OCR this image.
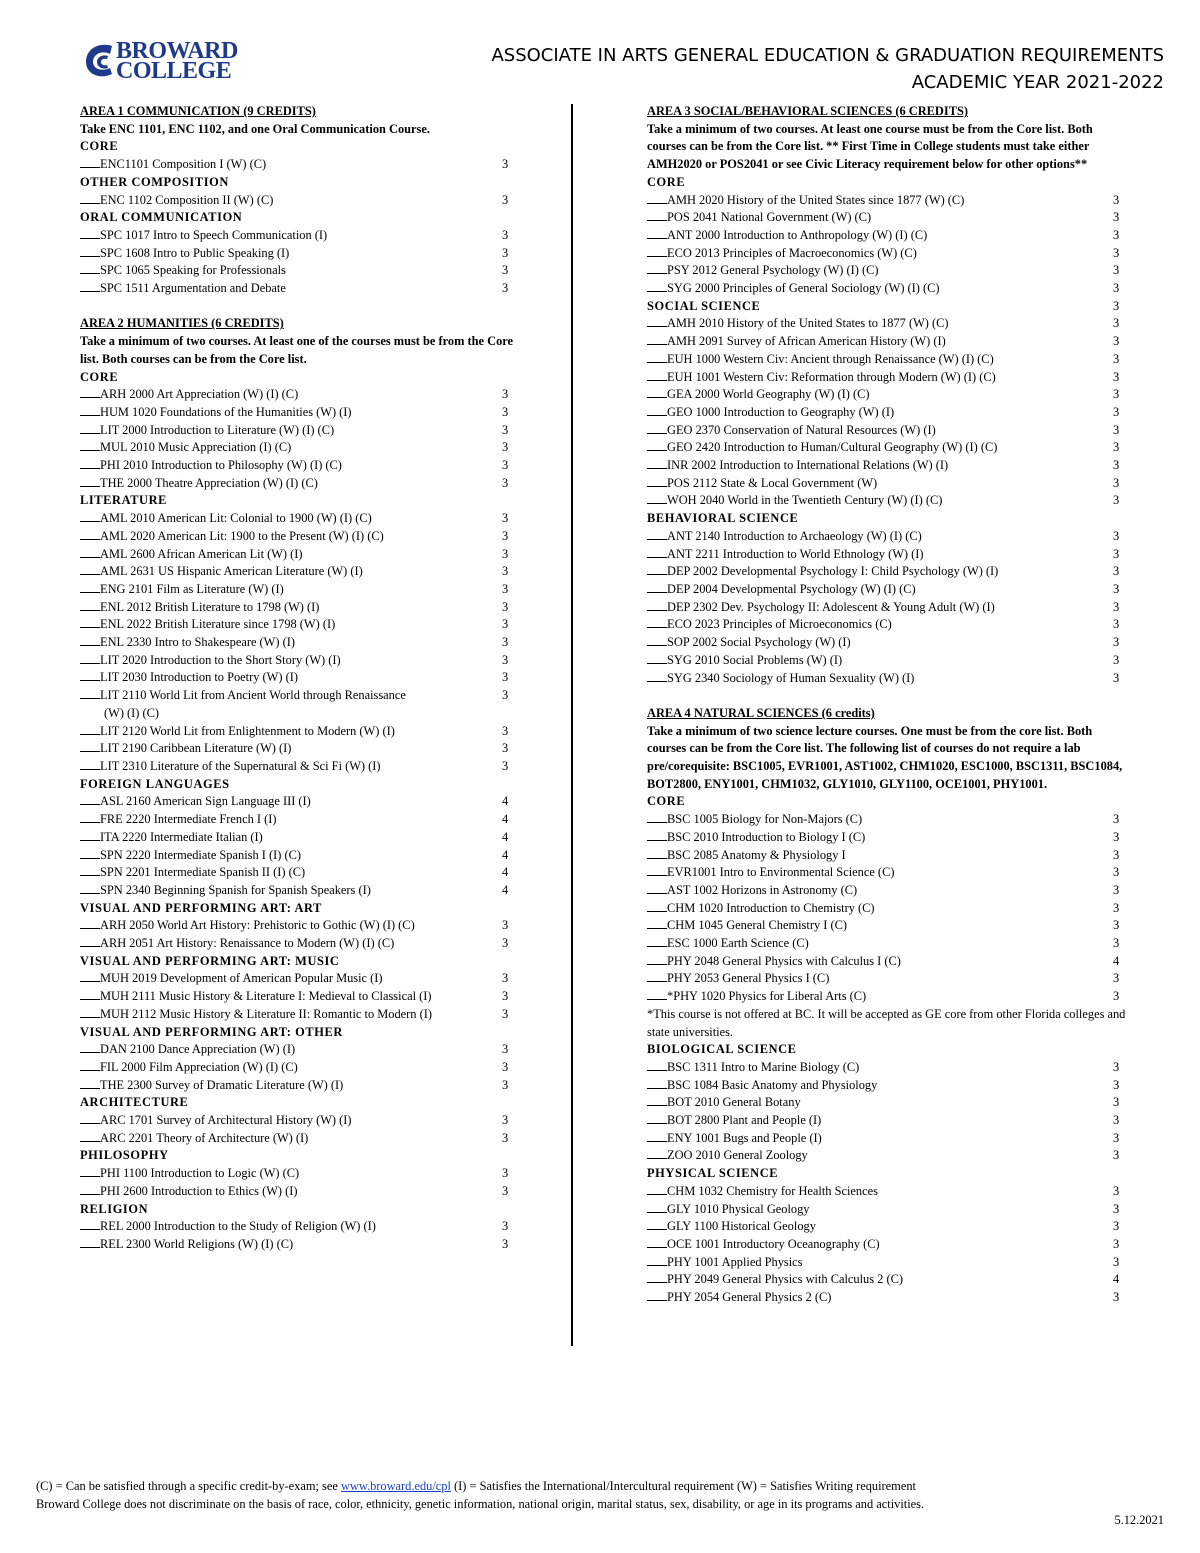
BROWARD
COLLEGE
ASSOCIATE IN ARTS GENERAL EDUCATION & GRADUATION REQUIREMENTS
ACADEMIC YEAR 2021-2022
AREA 1 COMMUNICATION (9 CREDITS)
Take ENC 1101, ENC 1102, and one Oral Communication Course.
CORE
ENC1101 Composition I (W) (C)	3
OTHER COMPOSITION
ENC 1102 Composition II (W) (C)	3
ORAL COMMUNICATION
SPC 1017 Intro to Speech Communication (I)	3
SPC 1608 Intro to Public Speaking (I)	3
SPC 1065 Speaking for Professionals	3
SPC 1511 Argumentation and Debate	3
AREA 2 HUMANITIES (6 CREDITS)
Take a minimum of two courses. At least one of the courses must be from the Core list. Both courses can be from the Core list.
CORE
ARH 2000 Art Appreciation (W) (I) (C)	3
HUM 1020 Foundations of the Humanities (W) (I)	3
LIT 2000 Introduction to Literature (W) (I) (C)	3
MUL 2010 Music Appreciation (I) (C)	3
PHI 2010 Introduction to Philosophy (W) (I) (C)	3
THE 2000 Theatre Appreciation (W) (I) (C)	3
LITERATURE
AML 2010 American Lit: Colonial to 1900 (W) (I) (C)	3
AML 2020 American Lit: 1900 to the Present (W) (I) (C)	3
AML 2600 African American Lit (W) (I)	3
AML 2631 US Hispanic American Literature (W) (I)	3
ENG 2101 Film as Literature (W) (I)	3
ENL 2012 British Literature to 1798 (W) (I)	3
ENL 2022 British Literature since 1798 (W) (I)	3
ENL 2330 Intro to Shakespeare (W) (I)	3
LIT 2020 Introduction to the Short Story (W) (I)	3
LIT 2030 Introduction to Poetry (W) (I)	3
LIT 2110 World Lit from Ancient World through Renaissance	3
(W) (I) (C)
LIT 2120 World Lit from Enlightenment to Modern (W) (I)	3
LIT 2190 Caribbean Literature (W) (I)	3
LIT 2310 Literature of the Supernatural & Sci Fi (W) (I)	3
FOREIGN LANGUAGES
ASL 2160 American Sign Language III (I)	4
FRE 2220 Intermediate French I (I)	4
ITA 2220 Intermediate Italian (I)	4
SPN 2220 Intermediate Spanish I (I) (C)	4
SPN 2201 Intermediate Spanish II (I) (C)	4
SPN 2340 Beginning Spanish for Spanish Speakers (I)	4
VISUAL AND PERFORMING ART: ART
ARH 2050 World Art History: Prehistoric to Gothic (W) (I) (C)	3
ARH 2051 Art History: Renaissance to Modern (W) (I) (C)	3
VISUAL AND PERFORMING ART: MUSIC
MUH 2019 Development of American Popular Music (I)	3
MUH 2111 Music History & Literature I: Medieval to Classical (I)	3
MUH 2112 Music History & Literature II: Romantic to Modern (I)	3
VISUAL AND PERFORMING ART: OTHER
DAN 2100 Dance Appreciation (W) (I)	3
FIL 2000 Film Appreciation (W) (I) (C)	3
THE 2300 Survey of Dramatic Literature (W) (I)	3
ARCHITECTURE
ARC 1701 Survey of Architectural History (W) (I)	3
ARC 2201 Theory of Architecture (W) (I)	3
PHILOSOPHY
PHI 1100 Introduction to Logic (W) (C)	3
PHI 2600 Introduction to Ethics (W) (I)	3
RELIGION
REL 2000 Introduction to the Study of Religion (W) (I)	3
REL 2300 World Religions (W) (I) (C)	3
AREA 3 SOCIAL/BEHAVIORAL SCIENCES (6 CREDITS)
Take a minimum of two courses. At least one course must be from the Core list. Both courses can be from the Core list. ** First Time in College students must take either AMH2020 or POS2041 or see Civic Literacy requirement below for other options**
CORE
AMH 2020 History of the United States since 1877 (W) (C)	3
POS 2041 National Government (W) (C)	3
ANT 2000 Introduction to Anthropology (W) (I) (C)	3
ECO 2013 Principles of Macroeconomics (W) (C)	3
PSY 2012 General Psychology (W) (I) (C)	3
SYG 2000 Principles of General Sociology (W) (I) (C)	3
SOCIAL SCIENCE	3
AMH 2010 History of the United States to 1877 (W) (C)	3
AMH 2091 Survey of African American History (W) (I)	3
EUH 1000 Western Civ: Ancient through Renaissance (W) (I) (C)	3
EUH 1001 Western Civ: Reformation through Modern (W) (I) (C)	3
GEA 2000 World Geography (W) (I) (C)	3
GEO 1000 Introduction to Geography (W) (I)	3
GEO 2370 Conservation of Natural Resources (W) (I)	3
GEO 2420 Introduction to Human/Cultural Geography (W) (I) (C)	3
INR 2002 Introduction to International Relations (W) (I)	3
POS 2112 State & Local Government (W)	3
WOH 2040 World in the Twentieth Century (W) (I) (C)	3
BEHAVIORAL SCIENCE
ANT 2140 Introduction to Archaeology (W) (I) (C)	3
ANT 2211 Introduction to World Ethnology (W) (I)	3
DEP 2002 Developmental Psychology I: Child Psychology (W) (I)	3
DEP 2004 Developmental Psychology (W) (I) (C)	3
DEP 2302 Dev. Psychology II: Adolescent & Young Adult (W) (I)	3
ECO 2023 Principles of Microeconomics (C)	3
SOP 2002 Social Psychology (W) (I)	3
SYG 2010 Social Problems (W) (I)	3
SYG 2340 Sociology of Human Sexuality (W) (I)	3
AREA 4 NATURAL SCIENCES (6 credits)
Take a minimum of two science lecture courses. One must be from the core list. Both courses can be from the Core list. The following list of courses do not require a lab pre/corequisite: BSC1005, EVR1001, AST1002, CHM1020, ESC1000, BSC1311, BSC1084, BOT2800, ENY1001, CHM1032, GLY1010, GLY1100, OCE1001, PHY1001.
CORE
BSC 1005 Biology for Non-Majors (C)	3
BSC 2010 Introduction to Biology I (C)	3
BSC 2085 Anatomy & Physiology I	3
EVR1001 Intro to Environmental Science (C)	3
AST 1002 Horizons in Astronomy (C)	3
CHM 1020 Introduction to Chemistry (C)	3
CHM 1045 General Chemistry I (C)	3
ESC 1000 Earth Science (C)	3
PHY 2048 General Physics with Calculus I (C)	4
PHY 2053 General Physics I (C)	3
*PHY 1020 Physics for Liberal Arts (C)	3
*This course is not offered at BC. It will be accepted as GE core from other Florida colleges and state universities.
BIOLOGICAL SCIENCE
BSC 1311 Intro to Marine Biology (C)	3
BSC 1084 Basic Anatomy and Physiology	3
BOT 2010 General Botany	3
BOT 2800 Plant and People (I)	3
ENY 1001 Bugs and People (I)	3
ZOO 2010 General Zoology	3
PHYSICAL SCIENCE
CHM 1032 Chemistry for Health Sciences	3
GLY 1010 Physical Geology	3
GLY 1100 Historical Geology	3
OCE 1001 Introductory Oceanography (C)	3
PHY 1001 Applied Physics	3
PHY 2049 General Physics with Calculus 2 (C)	4
PHY 2054 General Physics 2 (C)	3
(C) = Can be satisfied through a specific credit-by-exam; see www.broward.edu/cpl (I) = Satisfies the International/Intercultural requirement (W) = Satisfies Writing requirement
Broward College does not discriminate on the basis of race, color, ethnicity, genetic information, national origin, marital status, sex, disability, or age in its programs and activities.
5.12.2021
